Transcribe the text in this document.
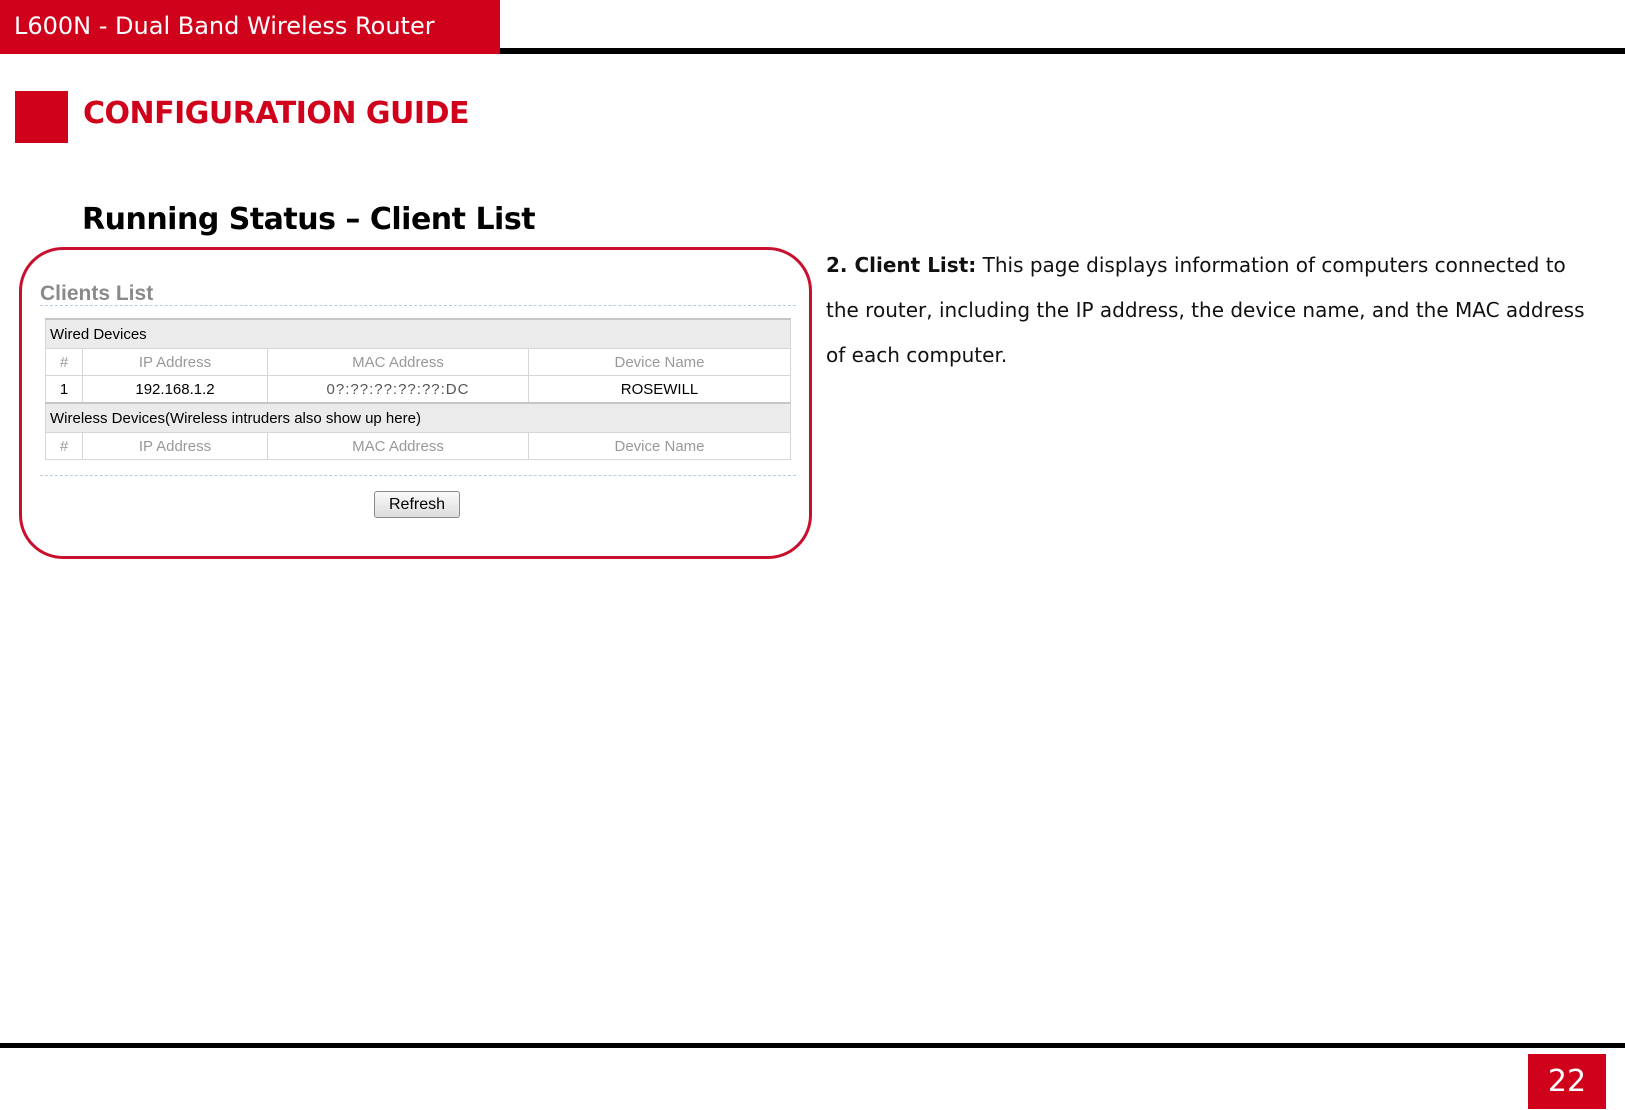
L600N - Dual Band Wireless Router
CONFIGURATION GUIDE
Running Status – Client List
Clients List
Wired Devices			
#	IP Address	MAC Address	Device Name
1	192.168.1.2	0?:??:??:??:??:DC	ROSEWILL
Wireless Devices(Wireless intruders also show up here)			
#	IP Address	MAC Address	Device Name
Refresh
2. Client List: This page displays information of computers connected to the router, including the IP address, the device name, and the MAC address of each computer.
22
